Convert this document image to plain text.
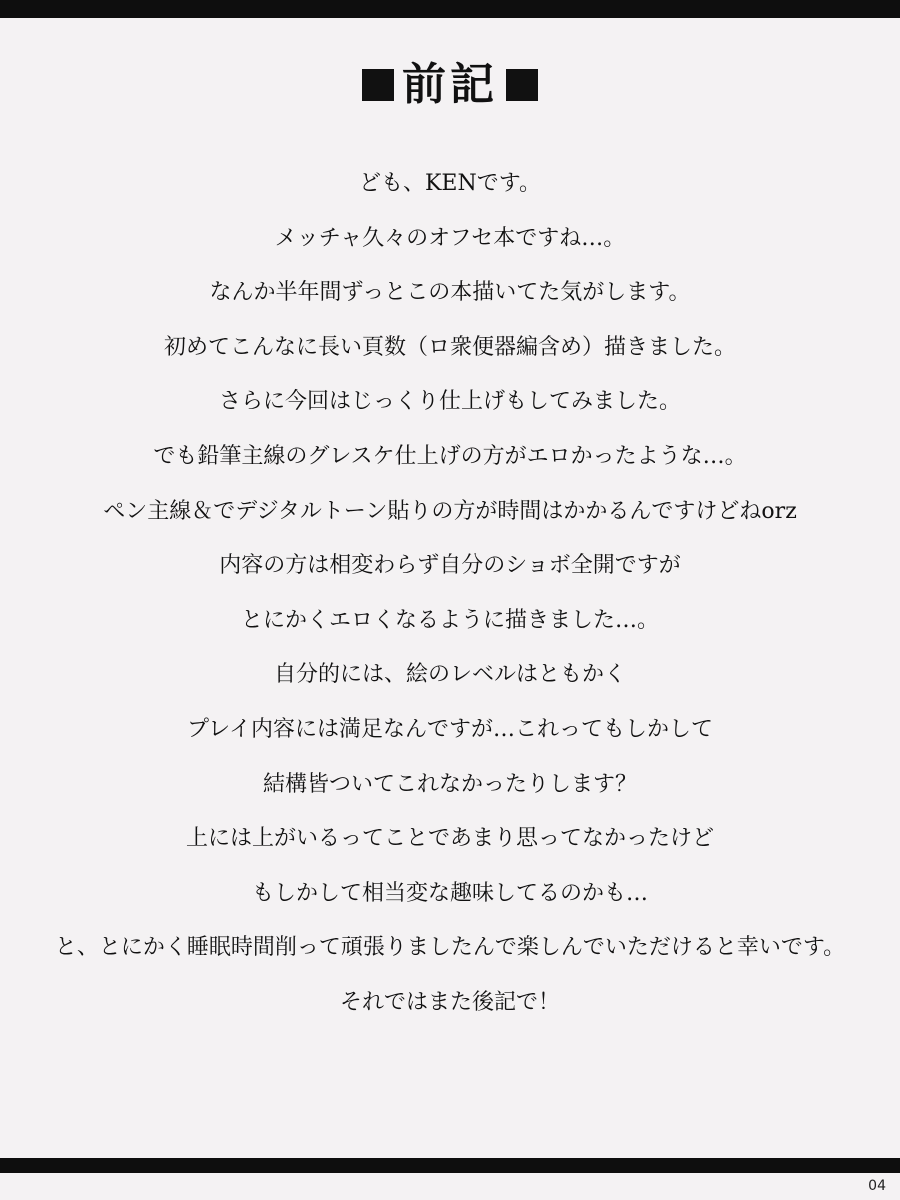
前記
ども、KENです。
メッチャ久々のオフセ本ですね…。
なんか半年間ずっとこの本描いてた気がします。
初めてこんなに長い頁数（ロ衆便器編含め）描きました。
さらに今回はじっくり仕上げもしてみました。
でも鉛筆主線のグレスケ仕上げの方がエロかったような…。
ペン主線＆でデジタルトーン貼りの方が時間はかかるんですけどねorz
内容の方は相変わらず自分のショボ全開ですが
とにかくエロくなるように描きました…。
自分的には、絵のレベルはともかく
プレイ内容には満足なんですが…これってもしかして
結構皆ついてこれなかったりします？
上には上がいるってことであまり思ってなかったけど
もしかして相当変な趣味してるのかも…
と、とにかく睡眠時間削って頑張りましたんで楽しんでいただけると幸いです。
それではまた後記で！
04
